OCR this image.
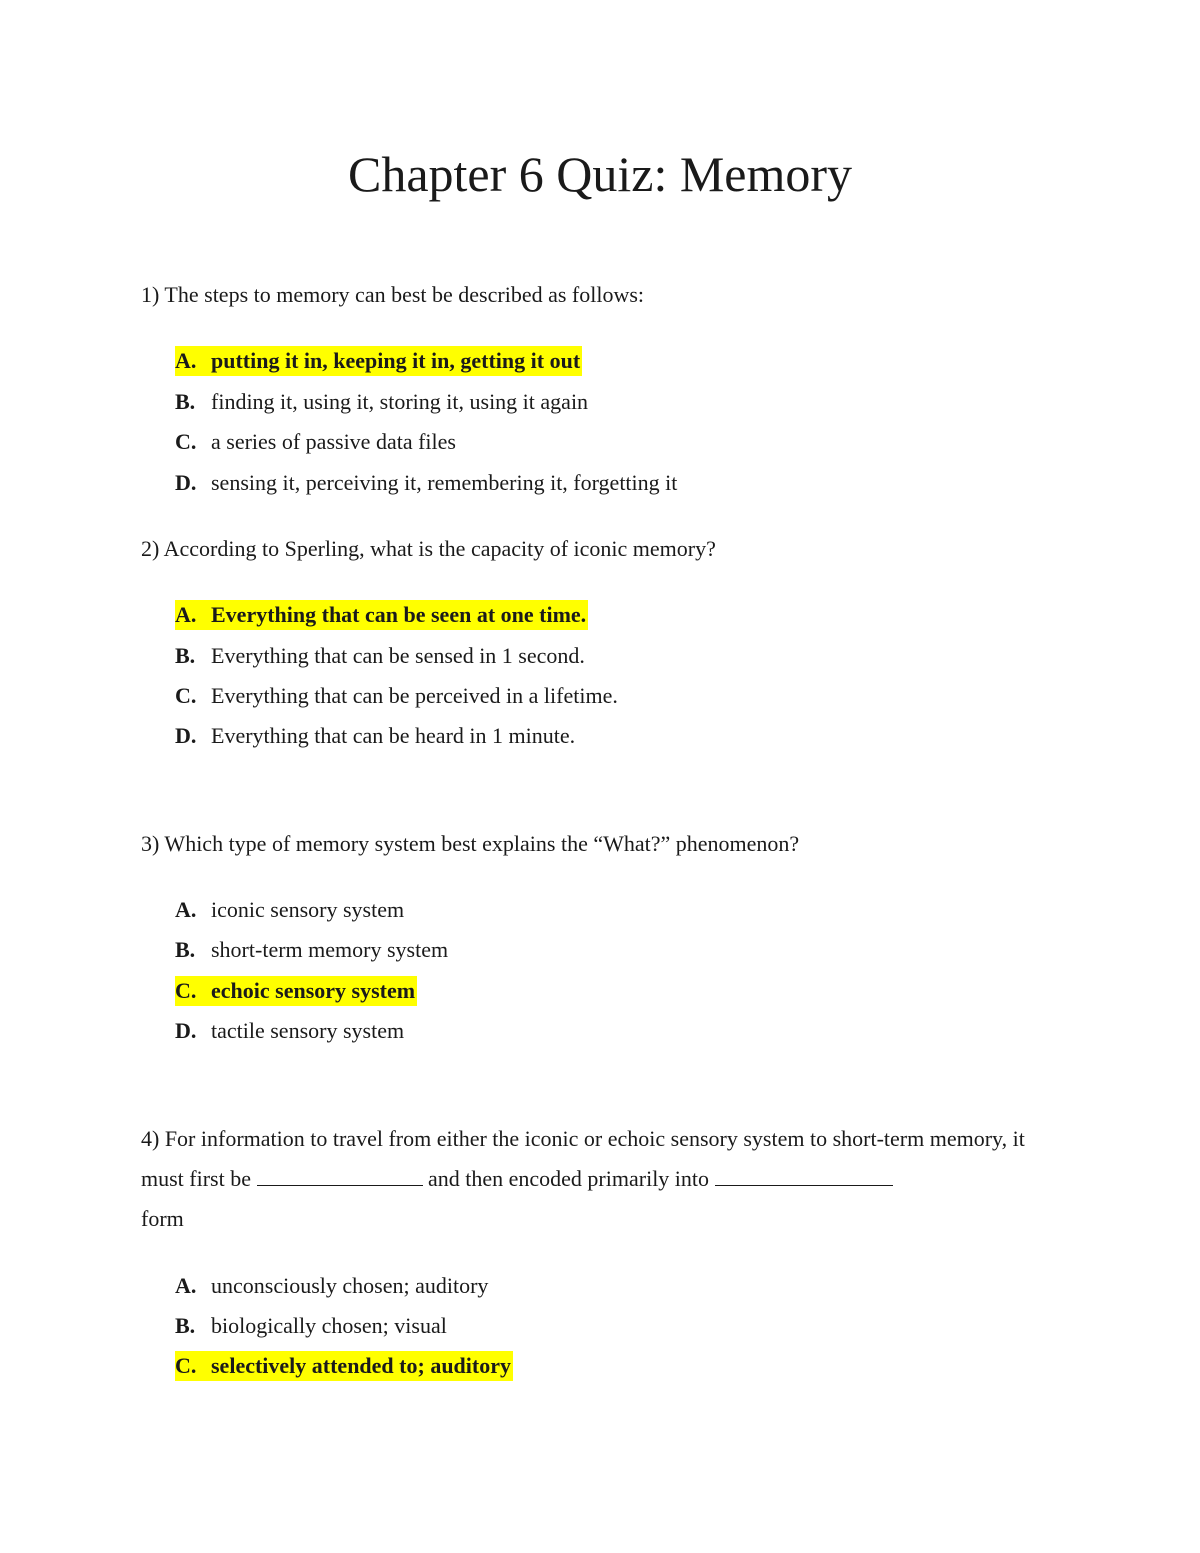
Chapter 6 Quiz: Memory

1) The steps to memory can best be described as follows:

A. putting it in, keeping it in, getting it out

B. finding it, using it, storing it, using it again

C. a series of passive data files

D. sensing it, perceiving it, remembering it, forgetting it

2) According to Sperling, what is the capacity of iconic memory?

A. Everything that can be seen at one time.

B. Everything that can be sensed in 1 second.

C. Everything that can be perceived in a lifetime.

D. Everything that can be heard in 1 minute.

3) Which type of memory system best explains the “What?” phenomenon?

A. iconic sensory system

B. short-term memory system

C. echoic sensory system

D. tactile sensory system

4) For information to travel from either the iconic or echoic sensory system to short-term memory, it must first be	and then encoded primarily into
form

A. unconsciously chosen; auditory

B. biologically chosen; visual

C. selectively attended to; auditory
